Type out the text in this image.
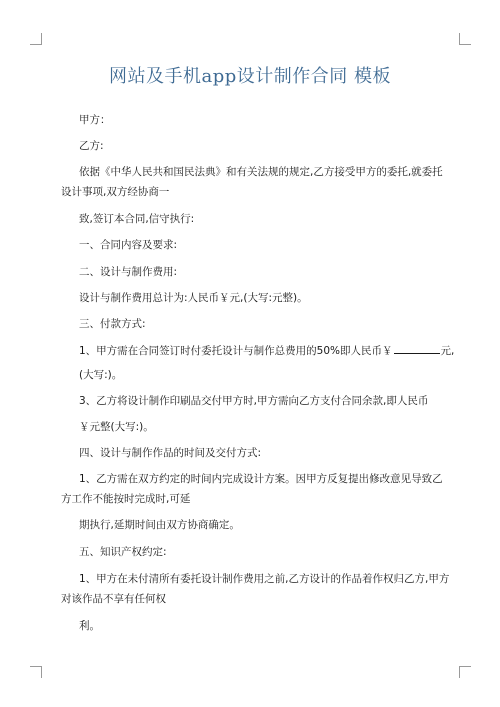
网站及手机app设计制作合同 模板
甲方：
乙方:
依据《中华人民共和国民法典》和有关法规的规定,乙方接受甲方的委托,就委托
设计事项,双方经协商一
致,签订本合同,信守执行:
一、合同内容及要求:
二、设计与制作费用:
设计与制作费用总计为:人民币￥元,(大写:元整)。
三、付款方式:
1、甲方需在合同签订时付委托设计与制作总费用的50%即人民币￥	元,
(大写:)。
3、乙方将设计制作印刷品交付甲方时,甲方需向乙方支付合同余款,即人民币
￥元整(大写:)。
四、设计与制作作品的时间及交付方式:
1、乙方需在双方约定的时间内完成设计方案。因甲方反复提出修改意见导致乙
方工作不能按时完成时,可延
期执行,延期时间由双方协商确定。
五、知识产权约定:
1、甲方在未付清所有委托设计制作费用之前,乙方设计的作品着作权归乙方,甲方
对该作品不享有任何权
利。
